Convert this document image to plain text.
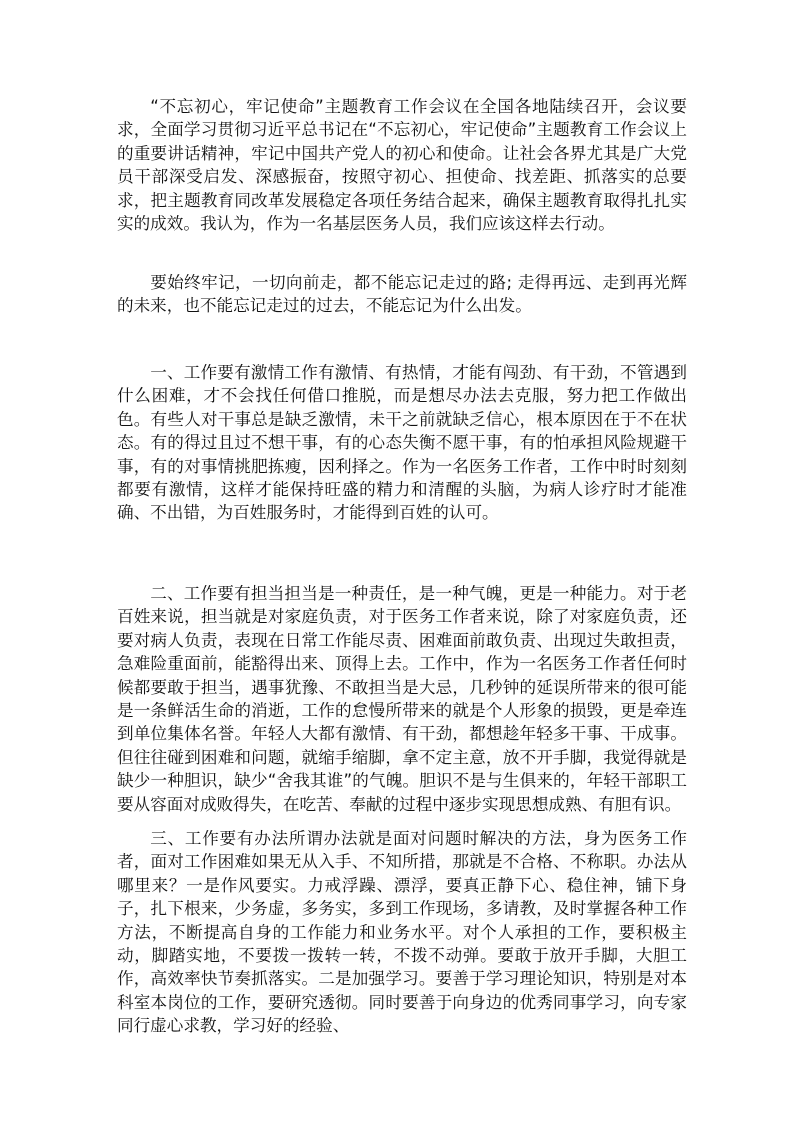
“不忘初心，牢记使命”主题教育工作会议在全国各地陆续召开，会议要求，全面学习贯彻习近平总书记在“不忘初心，牢记使命”主题教育工作会议上的重要讲话精神，牢记中国共产党人的初心和使命。让社会各界尤其是广大党员干部深受启发、深感振奋，按照守初心、担使命、找差距、抓落实的总要求，把主题教育同改革发展稳定各项任务结合起来，确保主题教育取得扎扎实实的成效。我认为，作为一名基层医务人员，我们应该这样去行动。

要始终牢记，一切向前走，都不能忘记走过的路; 走得再远、走到再光辉的未来，也不能忘记走过的过去，不能忘记为什么出发。

一、工作要有激情工作有激情、有热情，才能有闯劲、有干劲，不管遇到什么困难，才不会找任何借口推脱，而是想尽办法去克服，努力把工作做出色。有些人对干事总是缺乏激情，未干之前就缺乏信心，根本原因在于不在状态。有的得过且过不想干事，有的心态失衡不愿干事，有的怕承担风险规避干事，有的对事情挑肥拣瘦，因利择之。作为一名医务工作者，工作中时时刻刻都要有激情，这样才能保持旺盛的精力和清醒的头脑，为病人诊疗时才能准确、不出错，为百姓服务时，才能得到百姓的认可。

二、工作要有担当担当是一种责任，是一种气魄，更是一种能力。对于老百姓来说，担当就是对家庭负责，对于医务工作者来说，除了对家庭负责，还要对病人负责，表现在日常工作能尽责、困难面前敢负责、出现过失敢担责，急难险重面前，能豁得出来、顶得上去。工作中，作为一名医务工作者任何时候都要敢于担当，遇事犹豫、不敢担当是大忌，几秒钟的延误所带来的很可能是一条鲜活生命的消逝，工作的怠慢所带来的就是个人形象的损毁，更是牵连到单位集体名誉。年轻人大都有激情、有干劲，都想趁年轻多干事、干成事。但往往碰到困难和问题，就缩手缩脚，拿不定主意，放不开手脚，我觉得就是缺少一种胆识，缺少“舍我其谁”的气魄。胆识不是与生俱来的，年轻干部职工要从容面对成败得失，在吃苦、奉献的过程中逐步实现思想成熟、有胆有识。

三、工作要有办法所谓办法就是面对问题时解决的方法，身为医务工作者，面对工作困难如果无从入手、不知所措，那就是不合格、不称职。办法从哪里来？一是作风要实。力戒浮躁、漂浮，要真正静下心、稳住神，铺下身子，扎下根来，少务虚，多务实，多到工作现场，多请教，及时掌握各种工作方法，不断提高自身的工作能力和业务水平。对个人承担的工作，要积极主动，脚踏实地，不要拨一拨转一转，不拨不动弹。要敢于放开手脚，大胆工作，高效率快节奏抓落实。二是加强学习。要善于学习理论知识，特别是对本科室本岗位的工作，要研究透彻。同时要善于向身边的优秀同事学习，向专家同行虚心求教，学习好的经验、
